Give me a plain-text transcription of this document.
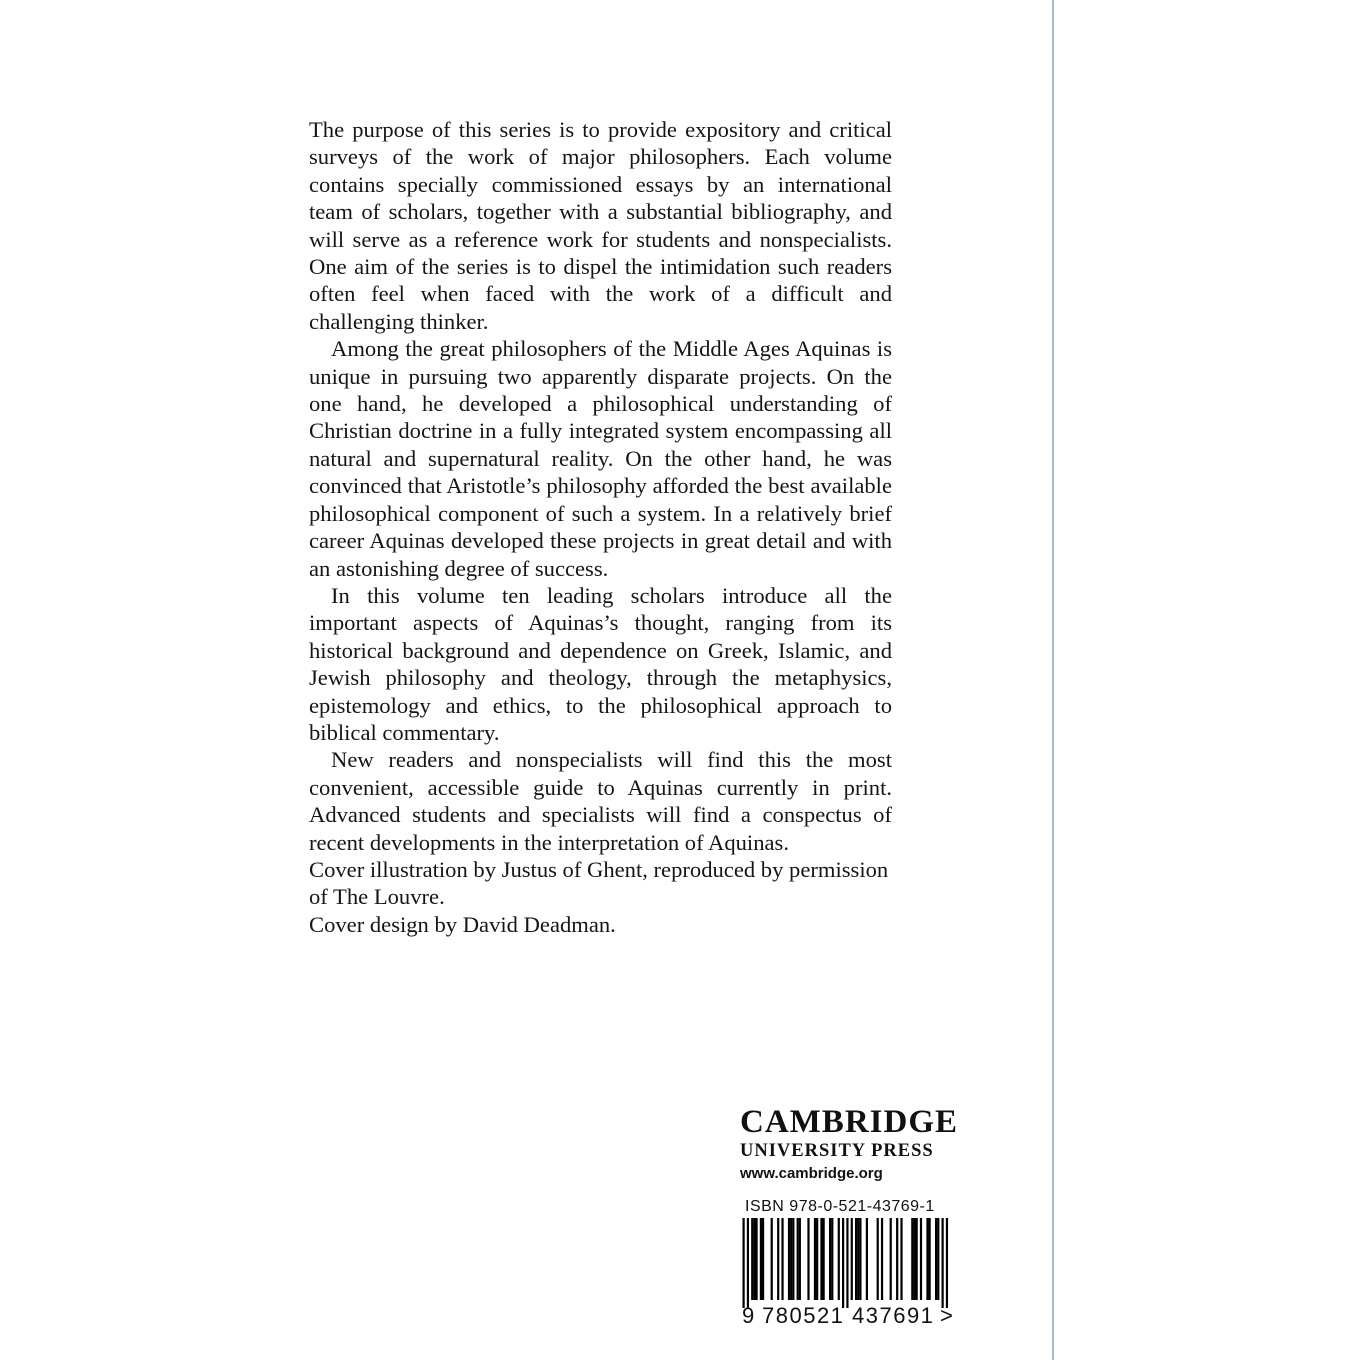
The purpose of this series is to provide expository and critical surveys of the work of major philosophers. Each volume contains specially commissioned essays by an international team of scholars, together with a substantial bibliography, and will serve as a reference work for students and nonspecialists. One aim of the series is to dispel the intimidation such readers often feel when faced with the work of a difficult and challenging thinker.

Among the great philosophers of the Middle Ages Aquinas is unique in pursuing two apparently disparate projects. On the one hand, he developed a philosophical understanding of Christian doctrine in a fully integrated system encompassing all natural and supernatural reality. On the other hand, he was convinced that Aristotle’s philosophy afforded the best available philosophical component of such a system. In a relatively brief career Aquinas developed these projects in great detail and with an astonishing degree of success.

In this volume ten leading scholars introduce all the important aspects of Aquinas’s thought, ranging from its historical background and dependence on Greek, Islamic, and Jewish philosophy and theology, through the metaphysics, epistemology and ethics, to the philosophical approach to biblical commentary.

New readers and nonspecialists will find this the most convenient, accessible guide to Aquinas currently in print. Advanced students and specialists will find a conspectus of recent developments in the interpretation of Aquinas.

Cover illustration by Justus of Ghent, reproduced by permission of The Louvre.

Cover design by David Deadman.

CAMBRIDGE
UNIVERSITY PRESS
www.cambridge.org
ISBN 978-0-521-43769-1
9 780521 437691 >
